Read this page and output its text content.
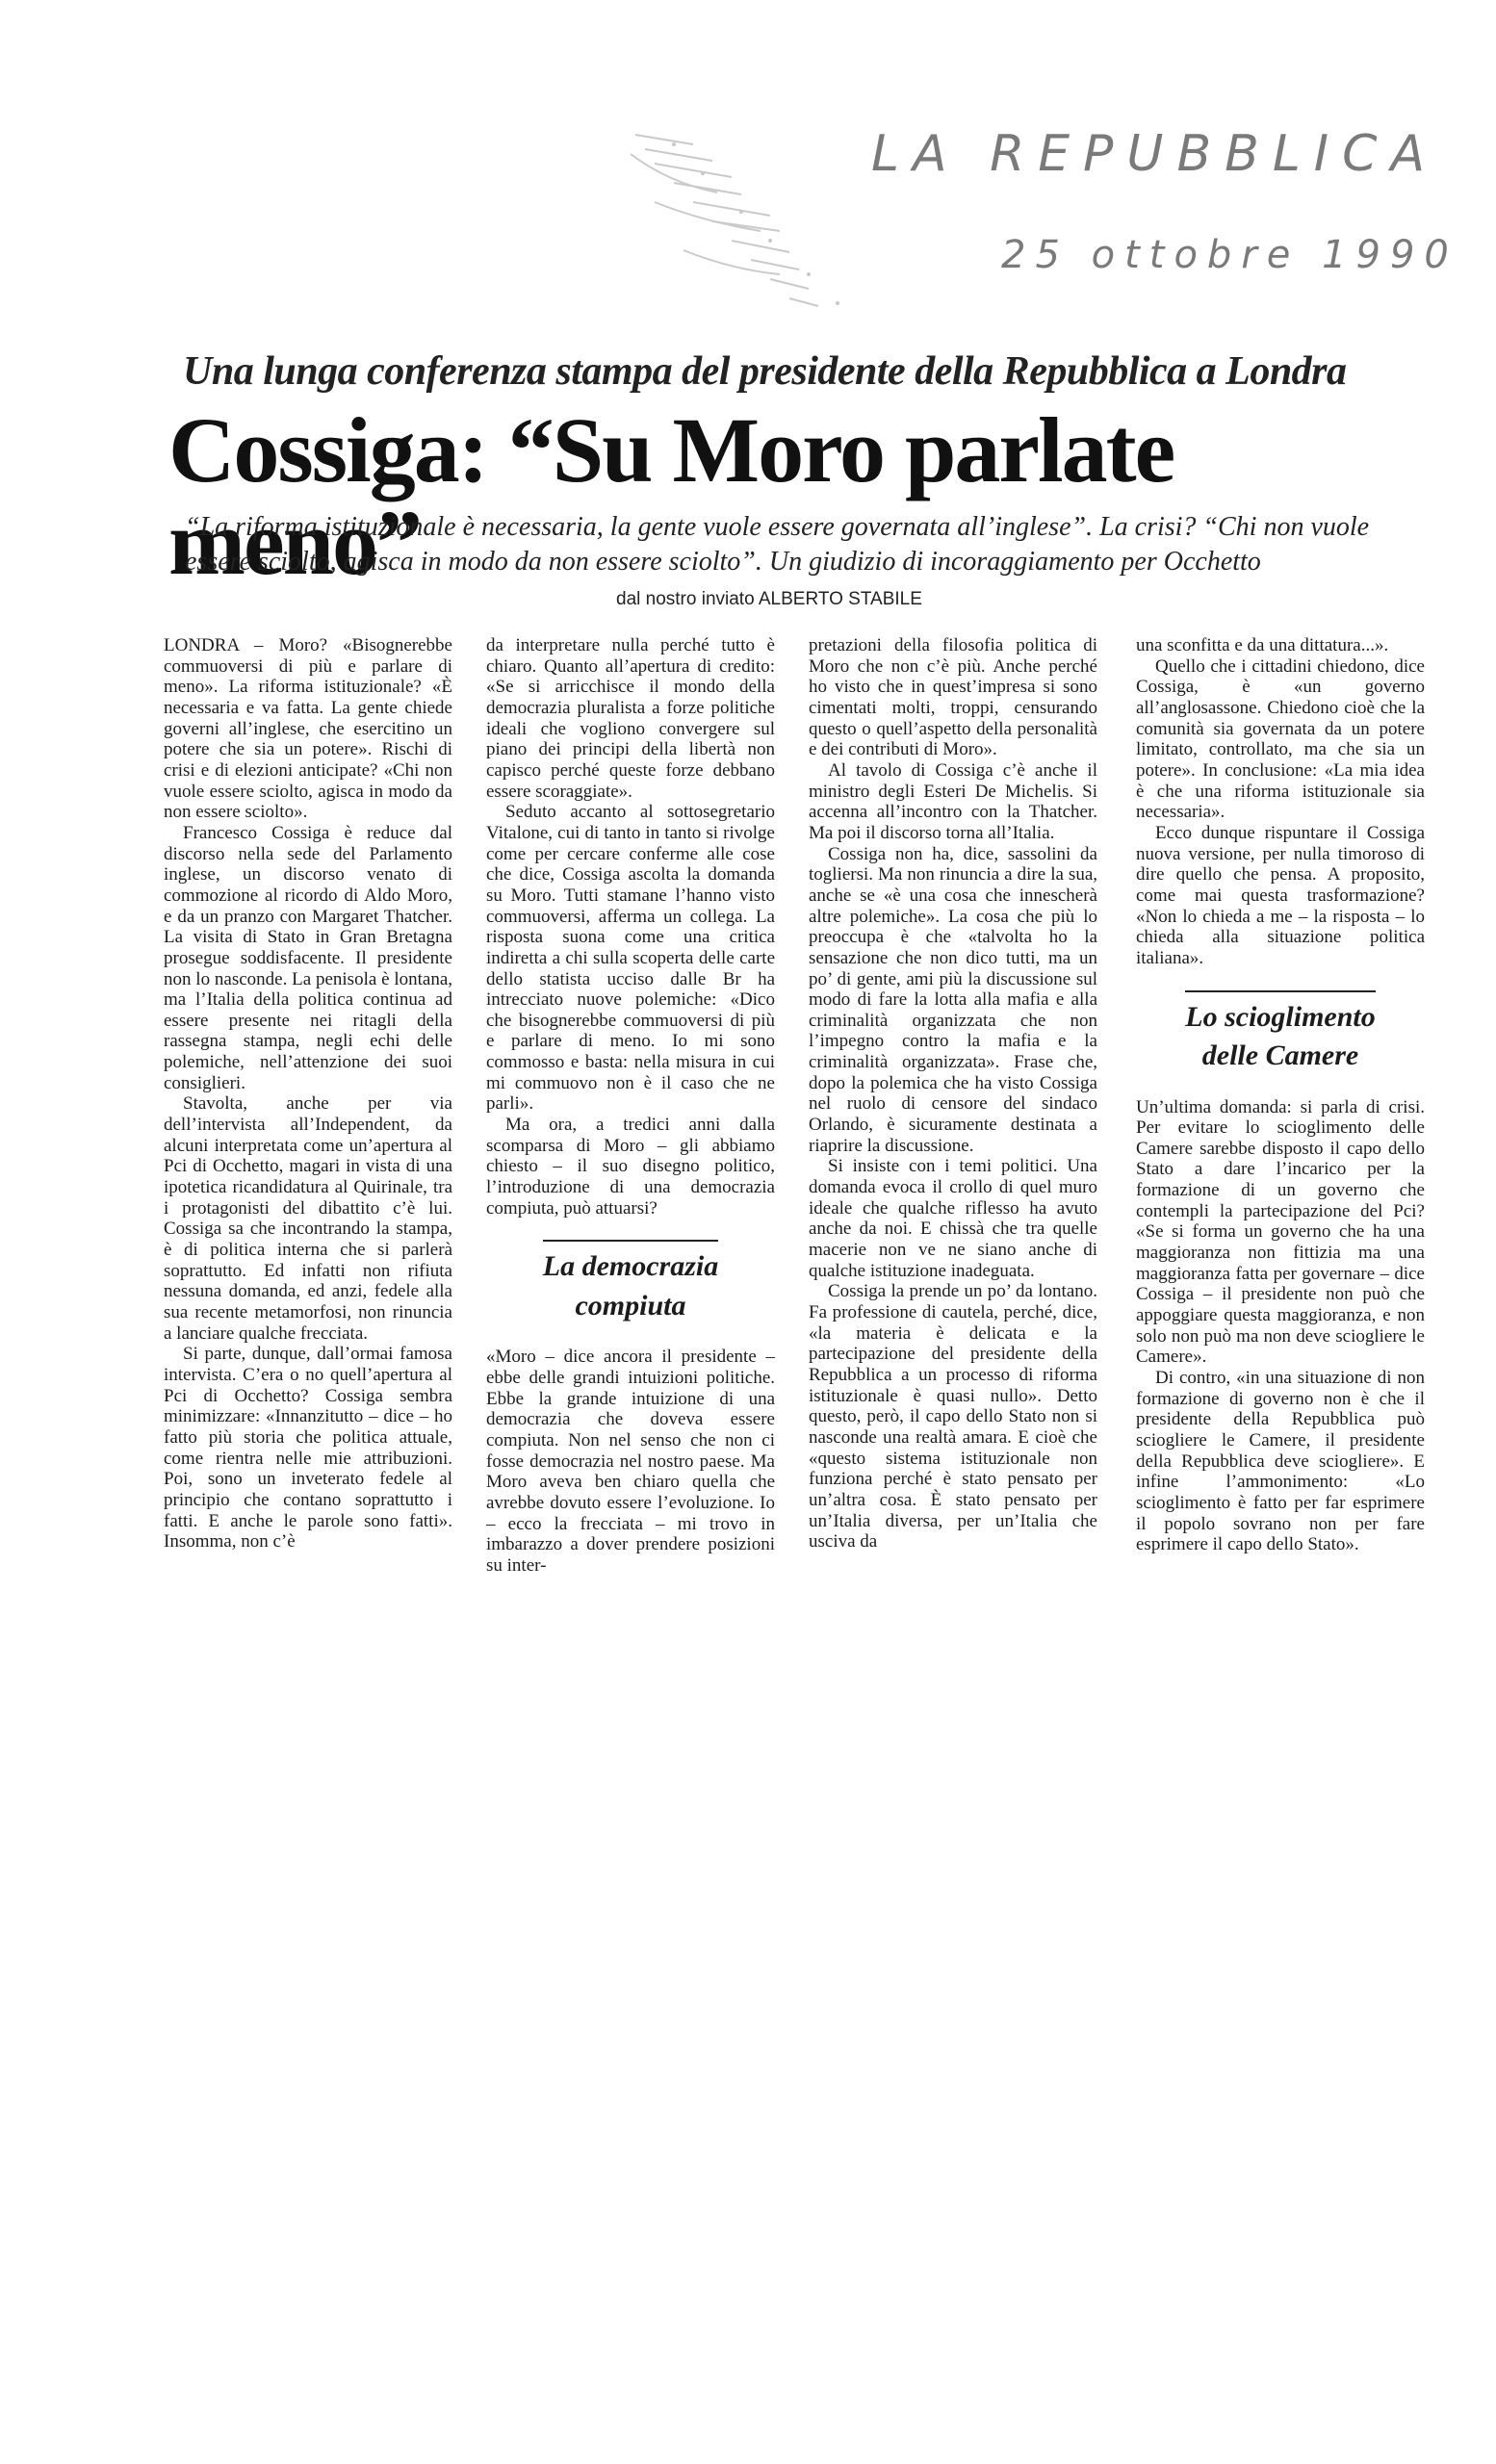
LA REPUBBLICA
25 ottobre 1990
Una lunga conferenza stampa del presidente della Repubblica a Londra
Cossiga: “Su Moro parlate meno”
“La riforma istituzionale è necessaria, la gente vuole essere governata all’inglese”. La crisi? “Chi non vuole essere sciolto, agisca in modo da non essere sciolto”. Un giudizio di incoraggiamento per Occhetto
dal nostro inviato ALBERTO STABILE

LONDRA – Moro? «Bisognerebbe commuoversi di più e parlare di meno». La riforma istituzionale? «È necessaria e va fatta. La gente chiede governi all’inglese, che esercitino un potere che sia un potere». Rischi di crisi e di elezioni anticipate? «Chi non vuole essere sciolto, agisca in modo da non essere sciolto».

Francesco Cossiga è reduce dal discorso nella sede del Parlamento inglese, un discorso venato di commozione al ricordo di Aldo Moro, e da un pranzo con Margaret Thatcher. La visita di Stato in Gran Bretagna prosegue soddisfacente. Il presidente non lo nasconde. La penisola è lontana, ma l’Italia della politica continua ad essere presente nei ritagli della rassegna stampa, negli echi delle polemiche, nell’attenzione dei suoi consiglieri.

Stavolta, anche per via dell’intervista all’Independent, da alcuni interpretata come un’apertura al Pci di Occhetto, magari in vista di una ipotetica ricandidatura al Quirinale, tra i protagonisti del dibattito c’è lui. Cossiga sa che incontrando la stampa, è di politica interna che si parlerà soprattutto. Ed infatti non rifiuta nessuna domanda, ed anzi, fedele alla sua recente metamorfosi, non rinuncia a lanciare qualche frecciata.

Si parte, dunque, dall’ormai famosa intervista. C’era o no quell’apertura al Pci di Occhetto? Cossiga sembra minimizzare: «Innanzitutto – dice – ho fatto più storia che politica attuale, come rientra nelle mie attribuzioni. Poi, sono un inveterato fedele al principio che contano soprattutto i fatti. E anche le parole sono fatti». Insomma, non c’è

da interpretare nulla perché tutto è chiaro. Quanto all’apertura di credito: «Se si arricchisce il mondo della democrazia pluralista a forze politiche ideali che vogliono convergere sul piano dei principi della libertà non capisco perché queste forze debbano essere scoraggiate».

Seduto accanto al sottosegretario Vitalone, cui di tanto in tanto si rivolge come per cercare conferme alle cose che dice, Cossiga ascolta la domanda su Moro. Tutti stamane l’hanno visto commuoversi, afferma un collega. La risposta suona come una critica indiretta a chi sulla scoperta delle carte dello statista ucciso dalle Br ha intrecciato nuove polemiche: «Dico che bisognerebbe commuoversi di più e parlare di meno. Io mi sono commosso e basta: nella misura in cui mi commuovo non è il caso che ne parli».

Ma ora, a tredici anni dalla scomparsa di Moro – gli abbiamo chiesto – il suo disegno politico, l’introduzione di una democrazia compiuta, può attuarsi?

La democrazia
compiuta

«Moro – dice ancora il presidente – ebbe delle grandi intuizioni politiche. Ebbe la grande intuizione di una democrazia che doveva essere compiuta. Non nel senso che non ci fosse democrazia nel nostro paese. Ma Moro aveva ben chiaro quella che avrebbe dovuto essere l’evoluzione. Io – ecco la frecciata – mi trovo in imbarazzo a dover prendere posizioni su inter-

pretazioni della filosofia politica di Moro che non c’è più. Anche perché ho visto che in quest’impresa si sono cimentati molti, troppi, censurando questo o quell’aspetto della personalità e dei contributi di Moro».

Al tavolo di Cossiga c’è anche il ministro degli Esteri De Michelis. Si accenna all’incontro con la Thatcher. Ma poi il discorso torna all’Italia.

Cossiga non ha, dice, sassolini da togliersi. Ma non rinuncia a dire la sua, anche se «è una cosa che innescherà altre polemiche». La cosa che più lo preoccupa è che «talvolta ho la sensazione che non dico tutti, ma un po’ di gente, ami più la discussione sul modo di fare la lotta alla mafia e alla criminalità organizzata che non l’impegno contro la mafia e la criminalità organizzata». Frase che, dopo la polemica che ha visto Cossiga nel ruolo di censore del sindaco Orlando, è sicuramente destinata a riaprire la discussione.

Si insiste con i temi politici. Una domanda evoca il crollo di quel muro ideale che qualche riflesso ha avuto anche da noi. E chissà che tra quelle macerie non ve ne siano anche di qualche istituzione inadeguata.

Cossiga la prende un po’ da lontano. Fa professione di cautela, perché, dice, «la materia è delicata e la partecipazione del presidente della Repubblica a un processo di riforma istituzionale è quasi nullo». Detto questo, però, il capo dello Stato non si nasconde una realtà amara. E cioè che «questo sistema istituzionale non funziona perché è stato pensato per un’altra cosa. È stato pensato per un’Italia diversa, per un’Italia che usciva da

una sconfitta e da una dittatura...».

Quello che i cittadini chiedono, dice Cossiga, è «un governo all’anglosassone. Chiedono cioè che la comunità sia governata da un potere limitato, controllato, ma che sia un potere». In conclusione: «La mia idea è che una riforma istituzionale sia necessaria».

Ecco dunque rispuntare il Cossiga nuova versione, per nulla timoroso di dire quello che pensa. A proposito, come mai questa trasformazione? «Non lo chieda a me – la risposta – lo chieda alla situazione politica italiana».

Lo scioglimento
delle Camere

Un’ultima domanda: si parla di crisi. Per evitare lo scioglimento delle Camere sarebbe disposto il capo dello Stato a dare l’incarico per la formazione di un governo che contempli la partecipazione del Pci? «Se si forma un governo che ha una maggioranza non fittizia ma una maggioranza fatta per governare – dice Cossiga – il presidente non può che appoggiare questa maggioranza, e non solo non può ma non deve sciogliere le Camere».

Di contro, «in una situazione di non formazione di governo non è che il presidente della Repubblica può sciogliere le Camere, il presidente della Repubblica deve sciogliere». E infine l’ammonimento: «Lo scioglimento è fatto per far esprimere il popolo sovrano non per fare esprimere il capo dello Stato».
